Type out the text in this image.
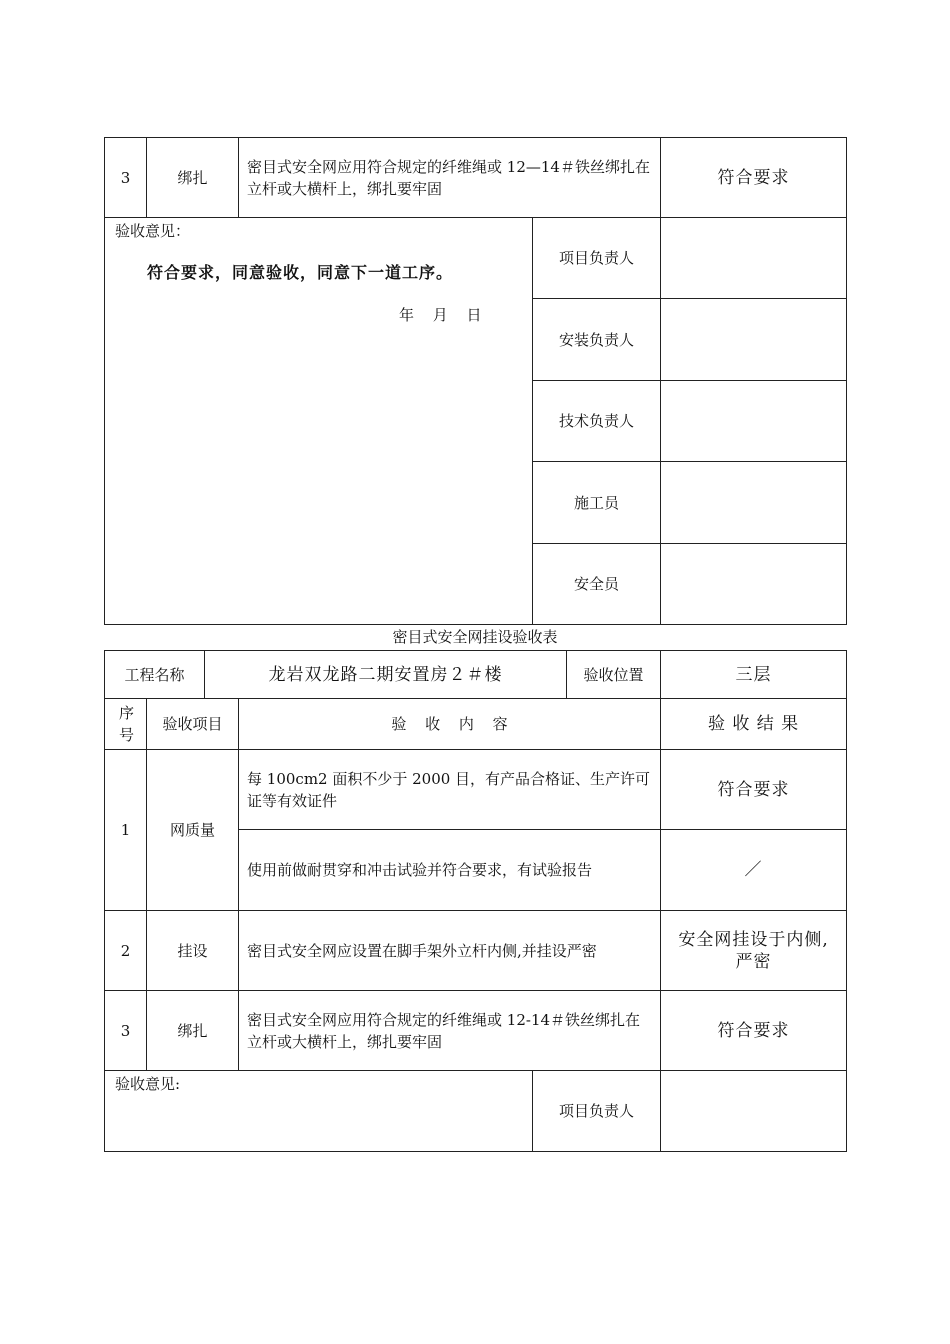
3	绑扎	密目式安全网应用符合规定的纤维绳或 12—14＃铁丝绑扎在立杆或大横杆上，绑扎要牢固		符合要求

验收意见：
符合要求，同意验收，同意下一道工序。
年 月 日			项目负责人	
			安装负责人	
			技术负责人	
			施工员	
			安全员	
密目式安全网挂设验收表
工程名称		龙岩双龙路二期安置房２＃楼			验收位置	三层
序号	验收项目		验 收 内 容			验 收 结 果
1	网质量		每 100cm2 面积不少于 2000 目，有产品合格证、生产许可证等有效证件			符合要求
			使用前做耐贯穿和冲击试验并符合要求，有试验报告			／
2	挂设		密目式安全网应设置在脚手架外立杆内侧,并挂设严密			安全网挂设于内侧,
严密

3	绑扎		密目式安全网应用符合规定的纤维绳或 12-14＃铁丝绑扎在立杆或大横杆上，绑扎要牢固			符合要求

验收意见:				项目负责人		
